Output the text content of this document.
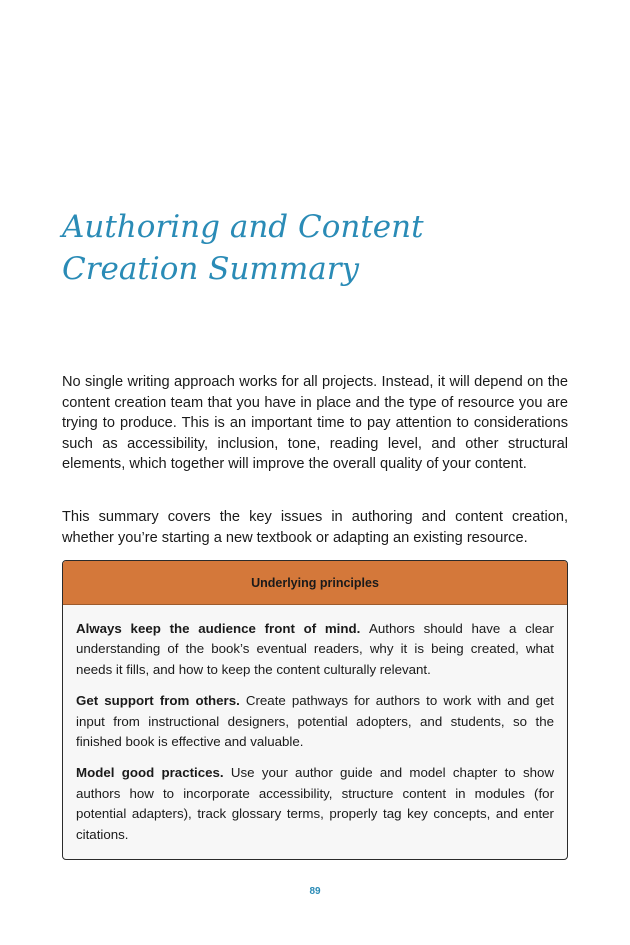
Authoring and Content Creation Summary

No single writing approach works for all projects. Instead, it will depend on the content creation team that you have in place and the type of resource you are trying to produce. This is an important time to pay attention to considerations such as accessibility, inclusion, tone, reading level, and other structural elements, which together will improve the overall quality of your content.

This summary covers the key issues in authoring and content creation, whether you’re starting a new textbook or adapting an existing resource.

Underlying principles

Always keep the audience front of mind. Authors should have a clear understanding of the book’s eventual readers, why it is being created, what needs it fills, and how to keep the content culturally relevant.

Get support from others. Create pathways for authors to work with and get input from instructional designers, potential adopters, and students, so the finished book is effective and valuable.

Model good practices. Use your author guide and model chapter to show authors how to incorporate accessibility, structure content in modules (for potential adapters), track glossary terms, properly tag key concepts, and enter citations.

89
